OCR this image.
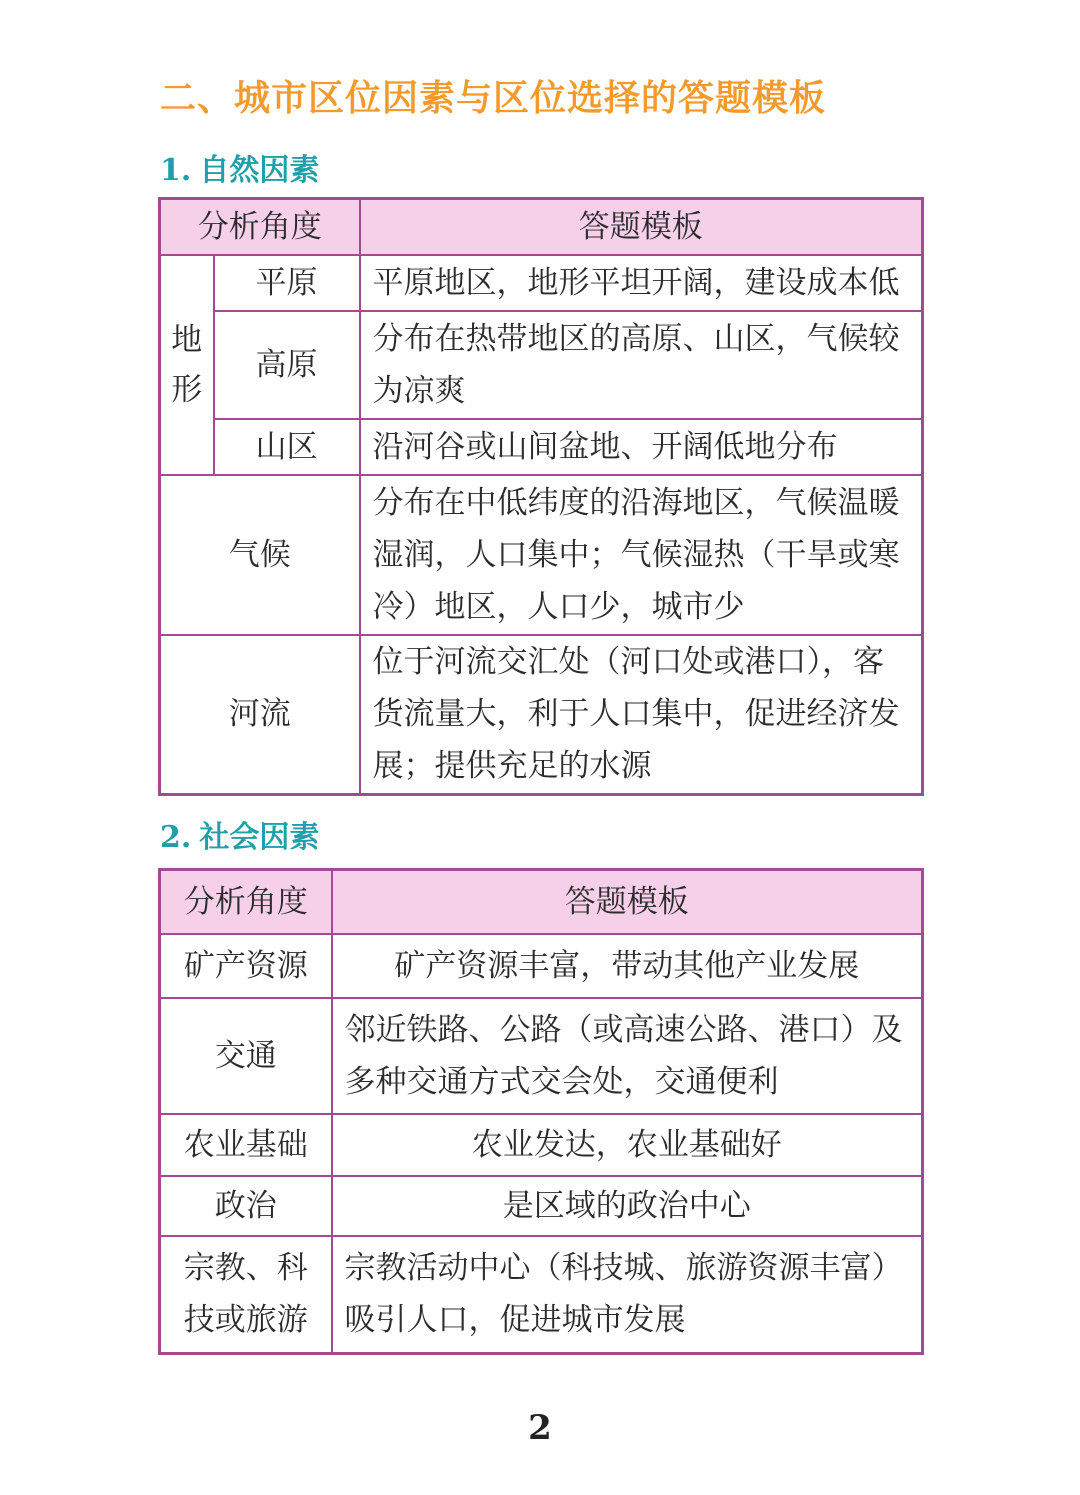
二、城市区位因素与区位选择的答题模板
1. 自然因素
分析角度		答题模板
地形	平原	平原地区，地形平坦开阔，建设成本低
	高原	分布在热带地区的高原、山区，气候较为凉爽
	山区	沿河谷或山间盆地、开阔低地分布
气候		分布在中低纬度的沿海地区，气候温暖湿润，人口集中；气候湿热（干旱或寒冷）地区，人口少，城市少
河流		位于河流交汇处（河口处或港口），客货流量大，利于人口集中，促进经济发展；提供充足的水源
2. 社会因素
分析角度	答题模板
矿产资源	矿产资源丰富，带动其他产业发展
交通	邻近铁路、公路（或高速公路、港口）及多种交通方式交会处，交通便利
农业基础	农业发达，农业基础好
政治	是区域的政治中心
宗教、科技或旅游	宗教活动中心（科技城、旅游资源丰富）吸引人口，促进城市发展
2
